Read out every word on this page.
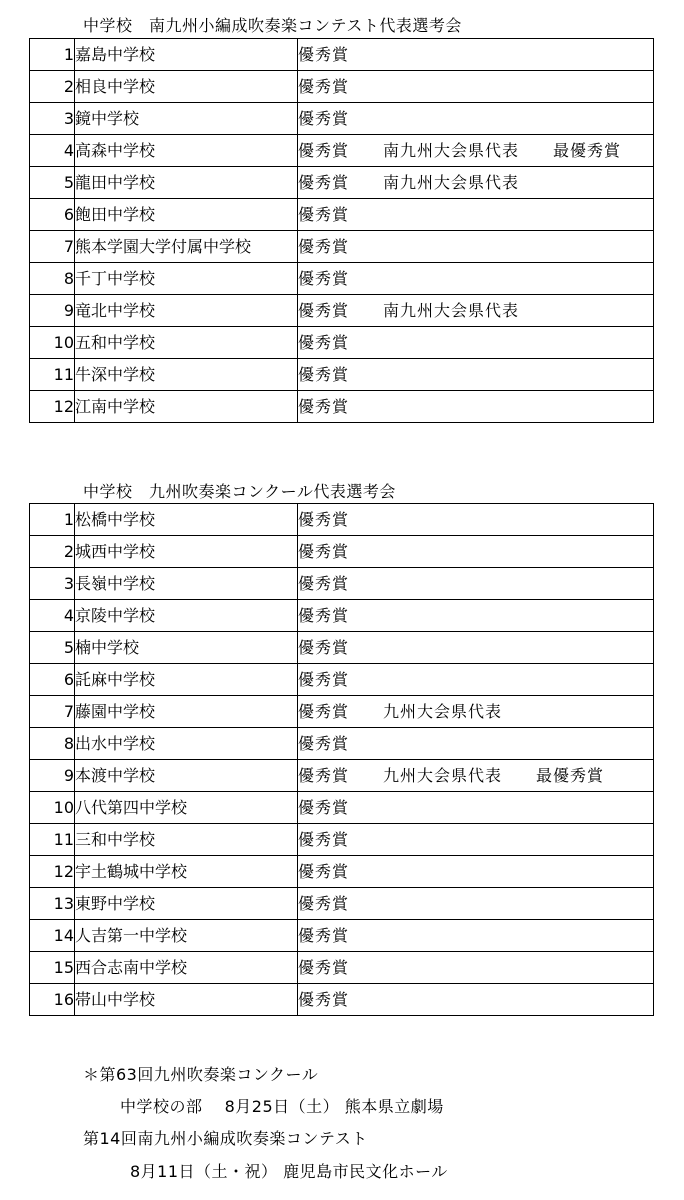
中学校　南九州小編成吹奏楽コンテスト代表選考会
1	嘉島中学校	優秀賞
2	相良中学校	優秀賞
3	鏡中学校	優秀賞
4	高森中学校	優秀賞　　南九州大会県代表　　最優秀賞
5	龍田中学校	優秀賞　　南九州大会県代表
6	飽田中学校	優秀賞
7	熊本学園大学付属中学校	優秀賞
8	千丁中学校	優秀賞
9	竜北中学校	優秀賞　　南九州大会県代表
10	五和中学校	優秀賞
11	牛深中学校	優秀賞
12	江南中学校	優秀賞
中学校　九州吹奏楽コンクール代表選考会
1	松橋中学校	優秀賞
2	城西中学校	優秀賞
3	長嶺中学校	優秀賞
4	京陵中学校	優秀賞
5	楠中学校	優秀賞
6	託麻中学校	優秀賞
7	藤園中学校	優秀賞　　九州大会県代表
8	出水中学校	優秀賞
9	本渡中学校	優秀賞　　九州大会県代表　　最優秀賞
10	八代第四中学校	優秀賞
11	三和中学校	優秀賞
12	宇土鶴城中学校	優秀賞
13	東野中学校	優秀賞
14	人吉第一中学校	優秀賞
15	西合志南中学校	優秀賞
16	帯山中学校	優秀賞
＊第63回九州吹奏楽コンクール
中学校の部　 8月25日（土） 熊本県立劇場
第14回南九州小編成吹奏楽コンテスト
8月11日（土・祝） 鹿児島市民文化ホール
